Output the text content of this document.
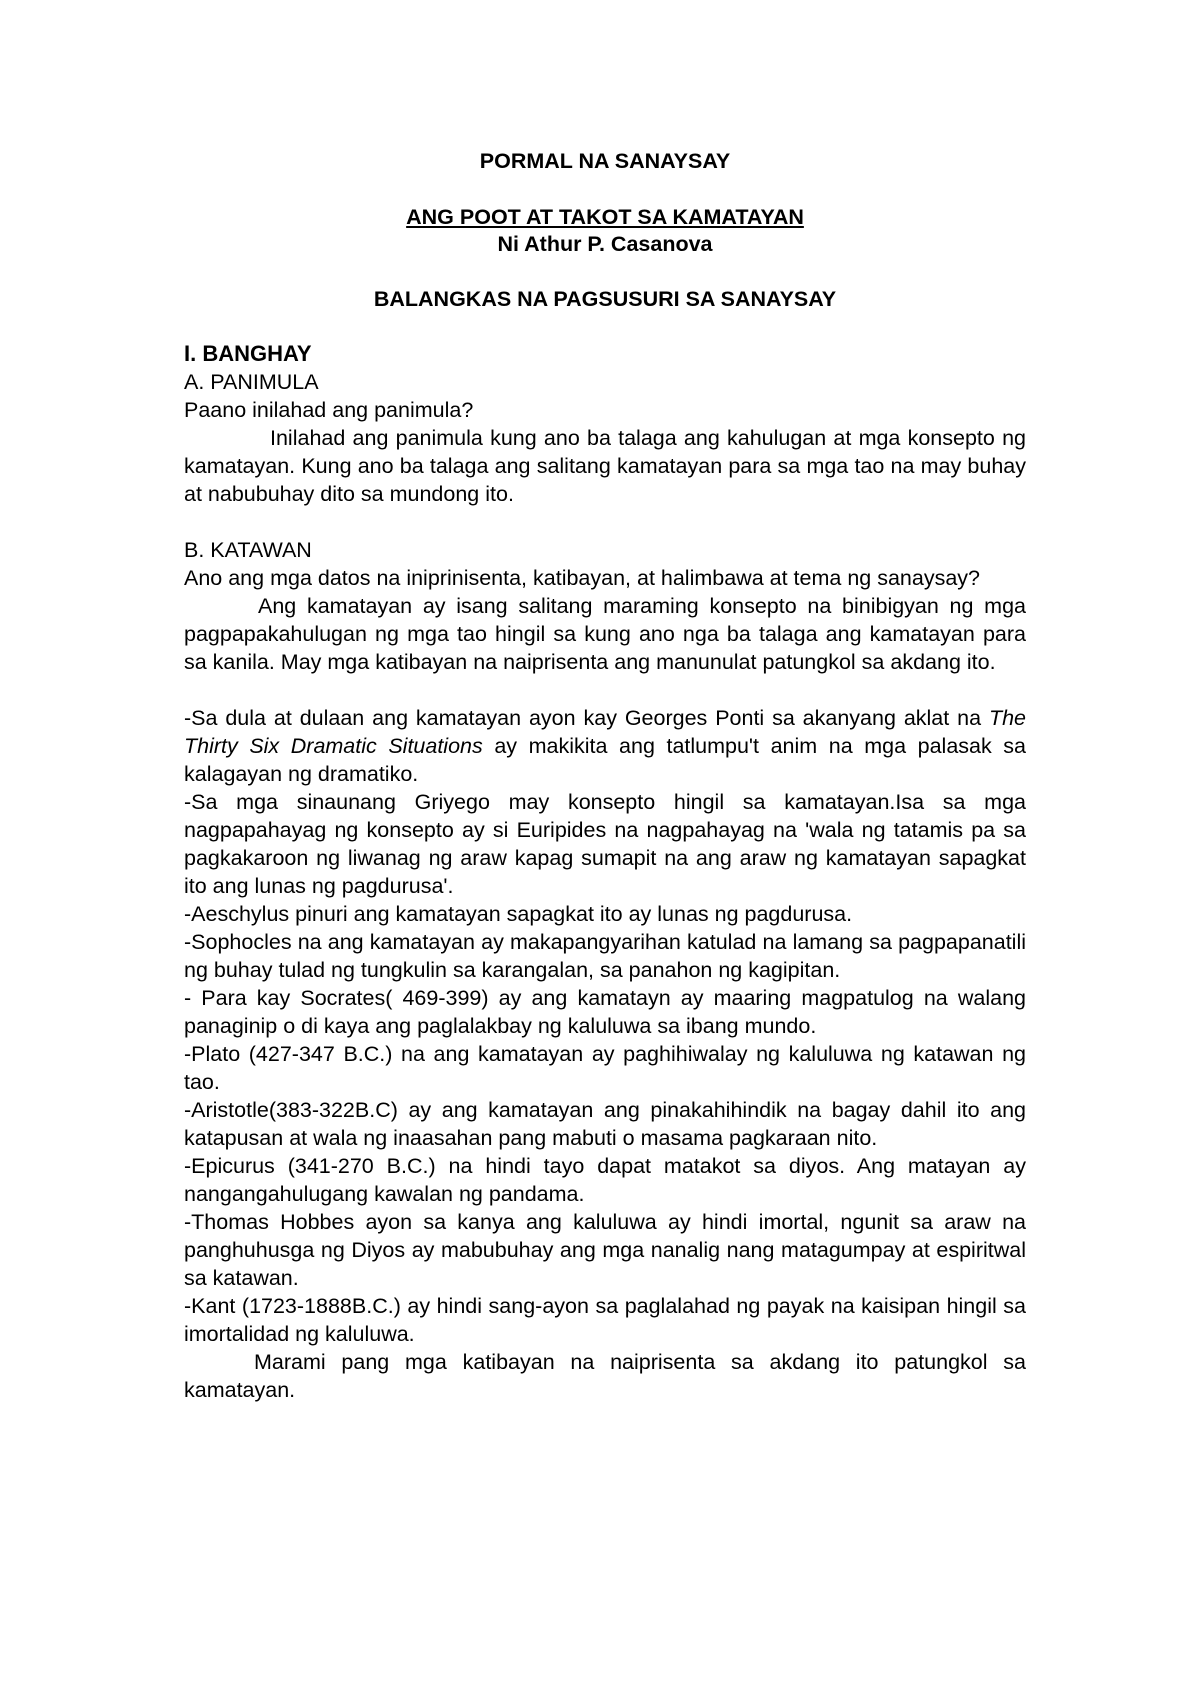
PORMAL NA SANAYSAY
ANG POOT AT TAKOT SA KAMATAYAN
Ni Athur P. Casanova
BALANGKAS NA PAGSUSURI SA SANAYSAY

I. BANGHAY

A. PANIMULA

Paano inilahad ang panimula?

Inilahad ang panimula kung ano ba talaga ang kahulugan at mga konsepto ng kamatayan. Kung ano ba talaga ang salitang kamatayan para sa mga tao na may buhay at nabubuhay dito sa mundong ito.

B. KATAWAN

Ano ang mga datos na iniprinisenta, katibayan, at halimbawa at tema ng sanaysay?

Ang kamatayan ay isang salitang maraming konsepto na binibigyan ng mga pagpapakahulugan ng mga tao hingil sa kung ano nga ba talaga ang kamatayan para sa kanila. May mga katibayan na naiprisenta ang manunulat patungkol sa akdang ito.

-Sa dula at dulaan ang kamatayan ayon kay Georges Ponti sa akanyang aklat na The Thirty Six Dramatic Situations ay makikita ang tatlumpu't anim na mga palasak sa kalagayan ng dramatiko.

-Sa mga sinaunang Griyego may konsepto hingil sa kamatayan.Isa sa mga nagpapahayag ng konsepto ay si Euripides na nagpahayag na 'wala ng tatamis pa sa pagkakaroon ng liwanag ng araw kapag sumapit na ang araw ng kamatayan sapagkat ito ang lunas ng pagdurusa'.

-Aeschylus pinuri ang kamatayan sapagkat ito ay lunas ng pagdurusa.

-Sophocles na ang kamatayan ay makapangyarihan katulad na lamang sa pagpapanatili ng buhay tulad ng tungkulin sa karangalan, sa panahon ng kagipitan.

- Para kay Socrates( 469-399) ay ang kamatayn ay maaring magpatulog na walang panaginip o di kaya ang paglalakbay ng kaluluwa sa ibang mundo.

-Plato (427-347 B.C.) na ang kamatayan ay paghihiwalay ng kaluluwa ng katawan ng tao.

-Aristotle(383-322B.C) ay ang kamatayan ang pinakahihindik na bagay dahil ito ang katapusan at wala ng inaasahan pang mabuti o masama pagkaraan nito.

-Epicurus (341-270 B.C.) na hindi tayo dapat matakot sa diyos. Ang matayan ay nangangahulugang kawalan ng pandama.

-Thomas Hobbes ayon sa kanya ang kaluluwa ay hindi imortal, ngunit sa araw na panghuhusga ng Diyos ay mabubuhay ang mga nanalig nang matagumpay at espiritwal sa katawan.

-Kant (1723-1888B.C.) ay hindi sang-ayon sa paglalahad ng payak na kaisipan hingil sa imortalidad ng kaluluwa.

Marami pang mga katibayan na naiprisenta sa akdang ito patungkol sa kamatayan.
